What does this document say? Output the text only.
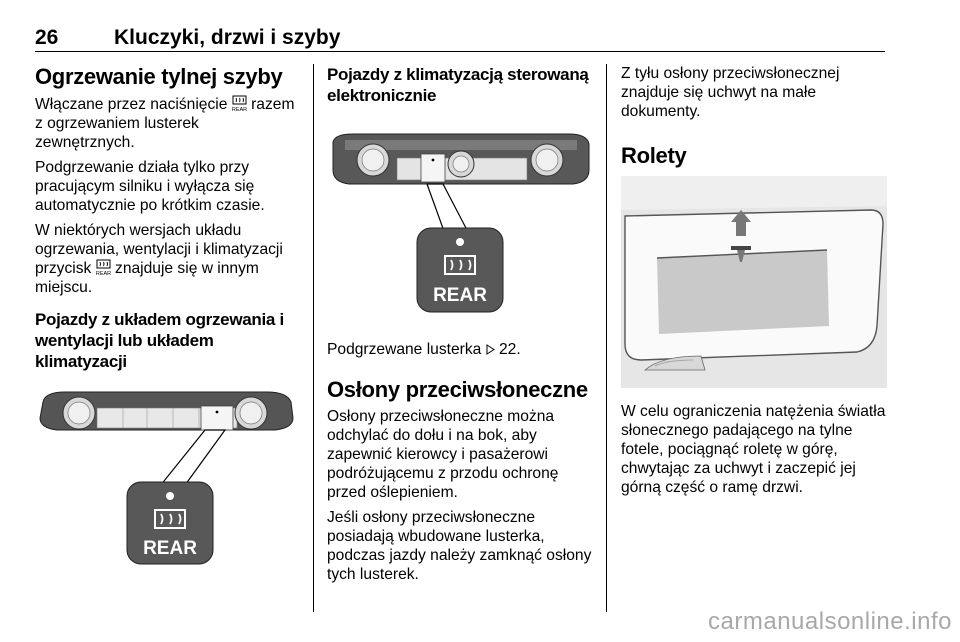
26	Kluczyki, drzwi i szyby
Ogrzewanie tylnej szyby

Włączane przez naciśnięcie REAR razem z ogrzewaniem lusterek zewnętrznych.

Podgrzewanie działa tylko przy pracującym silniku i wyłącza się automatycznie po krótkim czasie.

W niektórych wersjach układu ogrzewania, wentylacji i klimatyzacji przycisk REAR znajduje się w innym miejscu.

Pojazdy z układem ogrzewania i wentylacji lub układem klimatyzacji
REAR
Pojazdy z klimatyzacją sterowaną elektronicznie
REAR

Podgrzewane lusterka 22.

Osłony przeciwsłoneczne

Osłony przeciwsłoneczne można odchylać do dołu i na bok, aby zapewnić kierowcy i pasażerowi podróżującemu z przodu ochronę przed oślepieniem.

Jeśli osłony przeciwsłoneczne posiadają wbudowane lusterka, podczas jazdy należy zamknąć osłony tych lusterek.

Z tyłu osłony przeciwsłonecznej znajduje się uchwyt na małe dokumenty.

Rolety

W celu ograniczenia natężenia światła słonecznego padającego na tylne fotele, pociągnąć roletę w górę, chwytając za uchwyt i zaczepić jej górną część o ramę drzwi.

carmanualsonline.info
